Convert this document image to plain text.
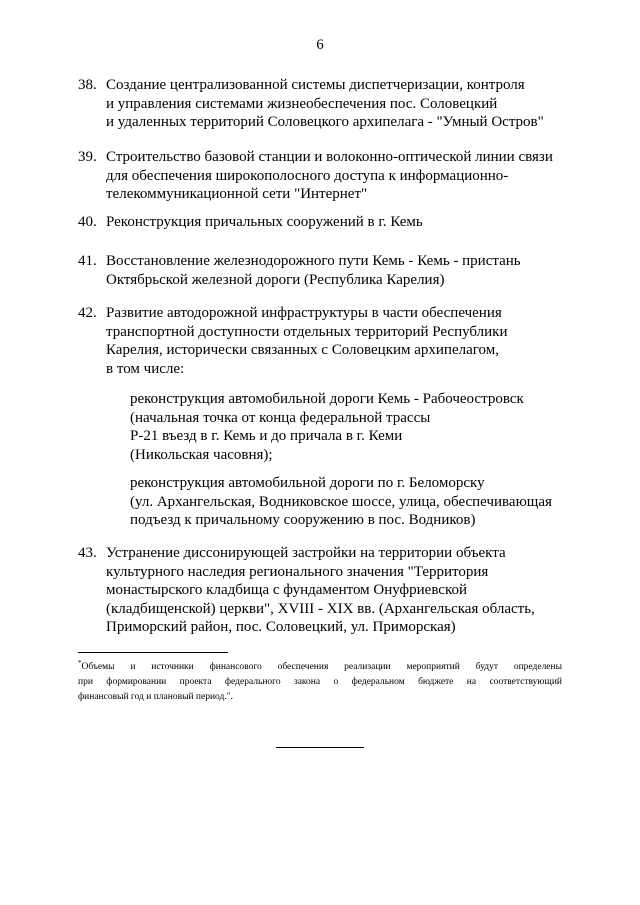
6
38. Создание централизованной системы диспетчеризации, контроля
и управления системами жизнеобеспечения пос. Соловецкий
и удаленных территорий Соловецкого архипелага - "Умный Остров"
39. Строительство базовой станции и волоконно-оптической линии связи
для обеспечения широкополосного доступа к информационно-
телекоммуникационной сети "Интернет"
40. Реконструкция причальных сооружений в г. Кемь
41. Восстановление железнодорожного пути Кемь - Кемь - пристань
Октябрьской железной дороги (Республика Карелия)
42. Развитие автодорожной инфраструктуры в части обеспечения
транспортной доступности отдельных территорий Республики
Карелия, исторически связанных с Соловецким архипелагом,
в том числе:
реконструкция автомобильной дороги Кемь - Рабочеостровск
(начальная точка от конца федеральной трассы
Р-21 въезд в г. Кемь и до причала в г. Кеми
(Никольская часовня);
реконструкция автомобильной дороги по г. Беломорску
(ул. Архангельская, Водниковское шоссе, улица, обеспечивающая
подъезд к причальному сооружению в пос. Водников)
43. Устранение диссонирующей застройки на территории объекта
культурного наследия регионального значения "Территория
монастырского кладбища с фундаментом Онуфриевской
(кладбищенской) церкви", XVIII - XIX вв. (Архангельская область,
Приморский район, пос. Соловецкий, ул. Приморская)
*Объемы и источники финансового обеспечения реализации мероприятий будут определены
при формировании проекта федерального закона о федеральном бюджете на соответствующий
финансовый год и плановый период.".
